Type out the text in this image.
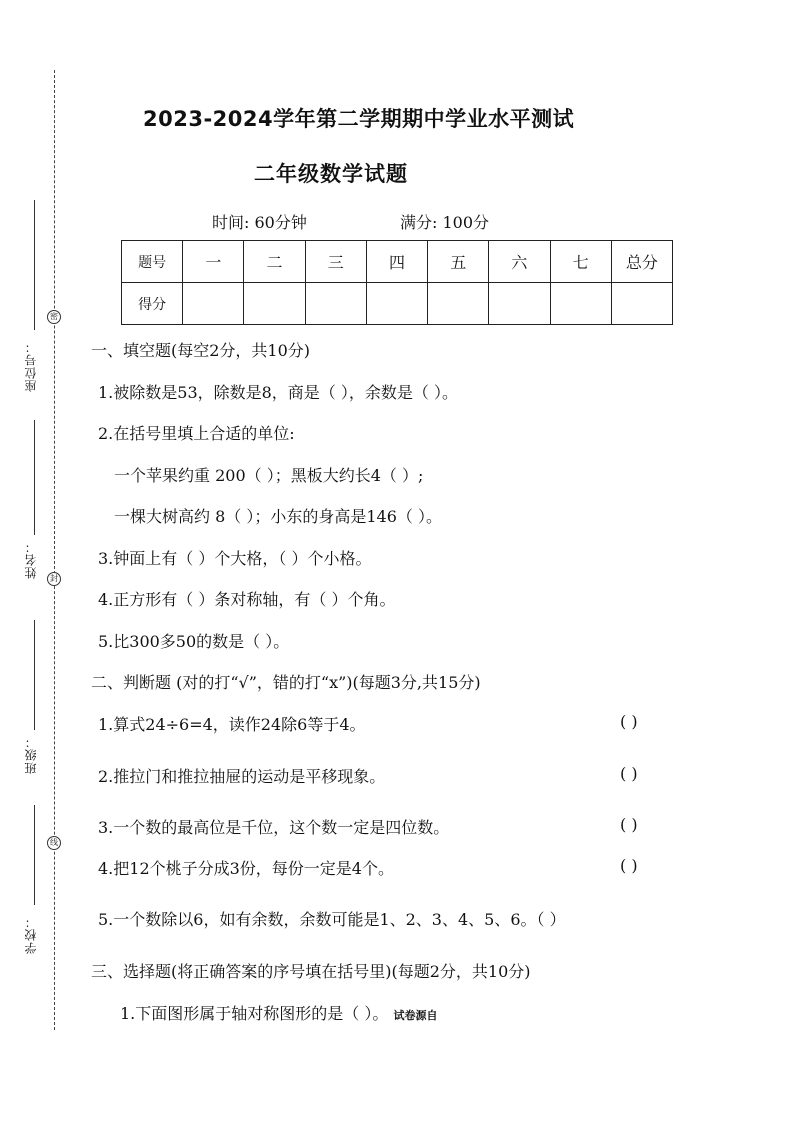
座位号：
姓名：
班级：
学校：
密
封
线
2023-2024学年第二学期期中学业水平测试
二年级数学试题
时间: 60分钟	满分: 100分
题号	一	二	三	四	五	六	七	总分
得分								
一、填空题(每空2分，共10分)
1.被除数是53，除数是8，商是（ ），余数是（ ）。
2.在括号里填上合适的单位:
一个苹果约重 200（ ）；黑板大约长4（ ）;
一棵大树高约 8（ ）；小东的身高是146（ ）。
3.钟面上有（ ）个大格，（ ）个小格。
4.正方形有（ ）条对称轴，有（ ）个角。
5.比300多50的数是（ ）。
二、判断题 (对的打“√”，错的打“x”)(每题3分,共15分)
1.算式24÷6=4，读作24除6等于4。	( )
2.推拉门和推拉抽屉的运动是平移现象。	( )
3.一个数的最高位是千位，这个数一定是四位数。	( )
4.把12个桃子分成3份，每份一定是4个。	( )
5.一个数除以6，如有余数，余数可能是1、2、3、4、5、6。（ ）
三、选择题(将正确答案的序号填在括号里)(每题2分，共10分)
1.下面图形属于轴对称图形的是（ ）。 试卷源自
